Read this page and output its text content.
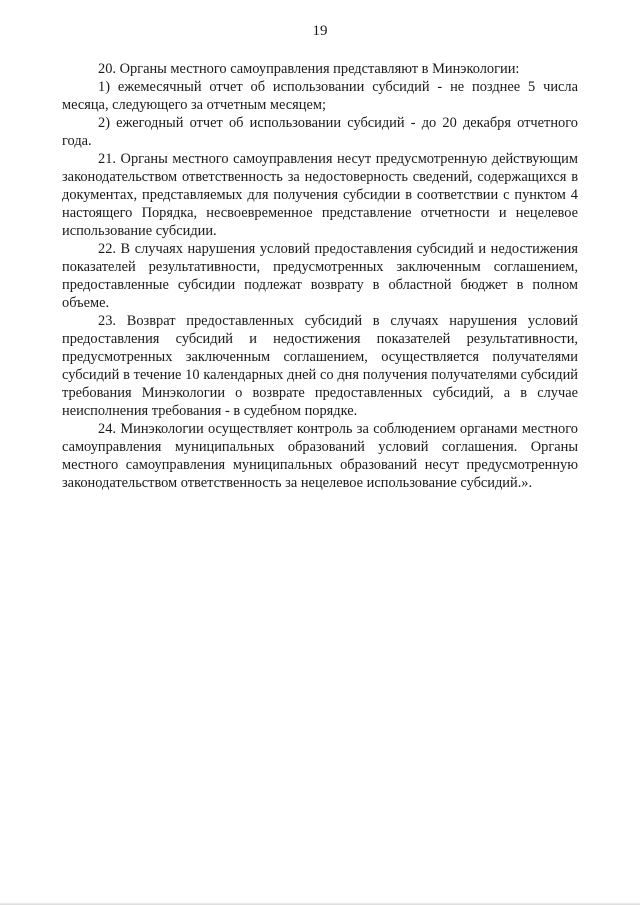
19

20. Органы местного самоуправления представляют в Минэкологии:

1) ежемесячный отчет об использовании субсидий - не позднее 5 числа месяца, следующего за отчетным месяцем;

2) ежегодный отчет об использовании субсидий - до 20 декабря отчетного года.

21. Органы местного самоуправления несут предусмотренную действующим законодательством ответственность за недостоверность сведений, содержащихся в документах, представляемых для получения субсидии в соответствии с пунктом 4 настоящего Порядка, несвоевременное представление отчетности и нецелевое использование субсидии.

22. В случаях нарушения условий предоставления субсидий и недостижения показателей результативности, предусмотренных заключенным соглашением, предоставленные субсидии подлежат возврату в областной бюджет в полном объеме.

23. Возврат предоставленных субсидий в случаях нарушения условий предоставления субсидий и недостижения показателей результативности, предусмотренных заключенным соглашением, осуществляется получателями субсидий в течение 10 календарных дней со дня получения получателями субсидий требования Минэкологии о возврате предоставленных субсидий, а в случае неисполнения требования - в судебном порядке.

24. Минэкологии осуществляет контроль за соблюдением органами местного самоуправления муниципальных образований условий соглашения. Органы местного самоуправления муниципальных образований несут предусмотренную законодательством ответственность за нецелевое использование субсидий.».
